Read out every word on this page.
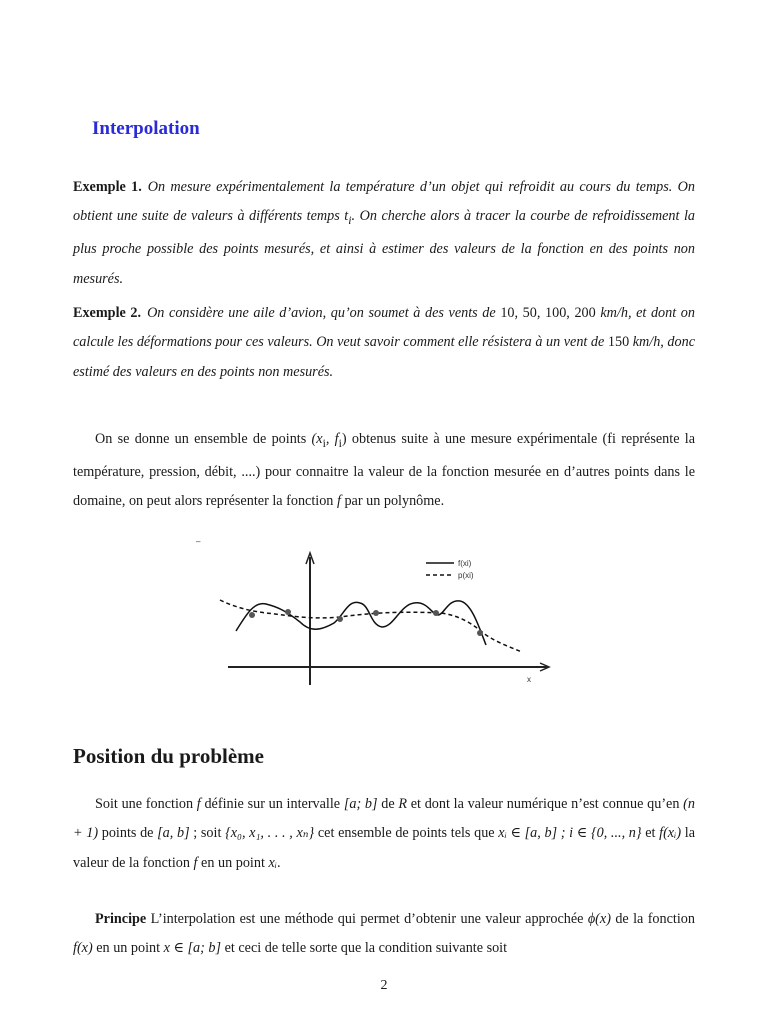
Interpolation

Exemple 1. On mesure expérimentalement la température d’un objet qui refroidit au cours du temps. On obtient une suite de valeurs à différents temps $t_i$. On cherche alors à tracer la courbe de refroidissement la plus proche possible des points mesurés, et ainsi à estimer des valeurs de la fonction en des points non mesurés.

Exemple 2. On considère une aile d’avion, qu’on soumet à des vents de 10, 50, 100, 200 km/h, et dont on calcule les déformations pour ces valeurs. On veut savoir comment elle résistera à un vent de 150 km/h, donc estimé des valeurs en des points non mesurés.

On se donne un ensemble de points ($x_i$, $f_i$) obtenus suite à une mesure expérimentale (fi représente la température, pression, débit, ....) pour connaitre la valeur de la fonction mesurée en d’autres points dans le domaine, on peut alors représenter la fonction f par un polynôme.

–
x
f(xi)
p(xi)
Position du problème

Soit une fonction f définie sur un intervalle [a; b] de R et dont la valeur numérique n’est connue qu’en (n + 1) points de [a, b] ; soit {x₀, x₁, . . . , xₙ} cet ensemble de points tels que xᵢ ∈ [a, b] ; i ∈ {0, ..., n} et f(xᵢ) la valeur de la fonction f en un point xᵢ.

Principe L’interpolation est une méthode qui permet d’obtenir une valeur approchée ϕ(x) de la fonction f(x) en un point x ∈ [a; b] et ceci de telle sorte que la condition suivante soit

2
